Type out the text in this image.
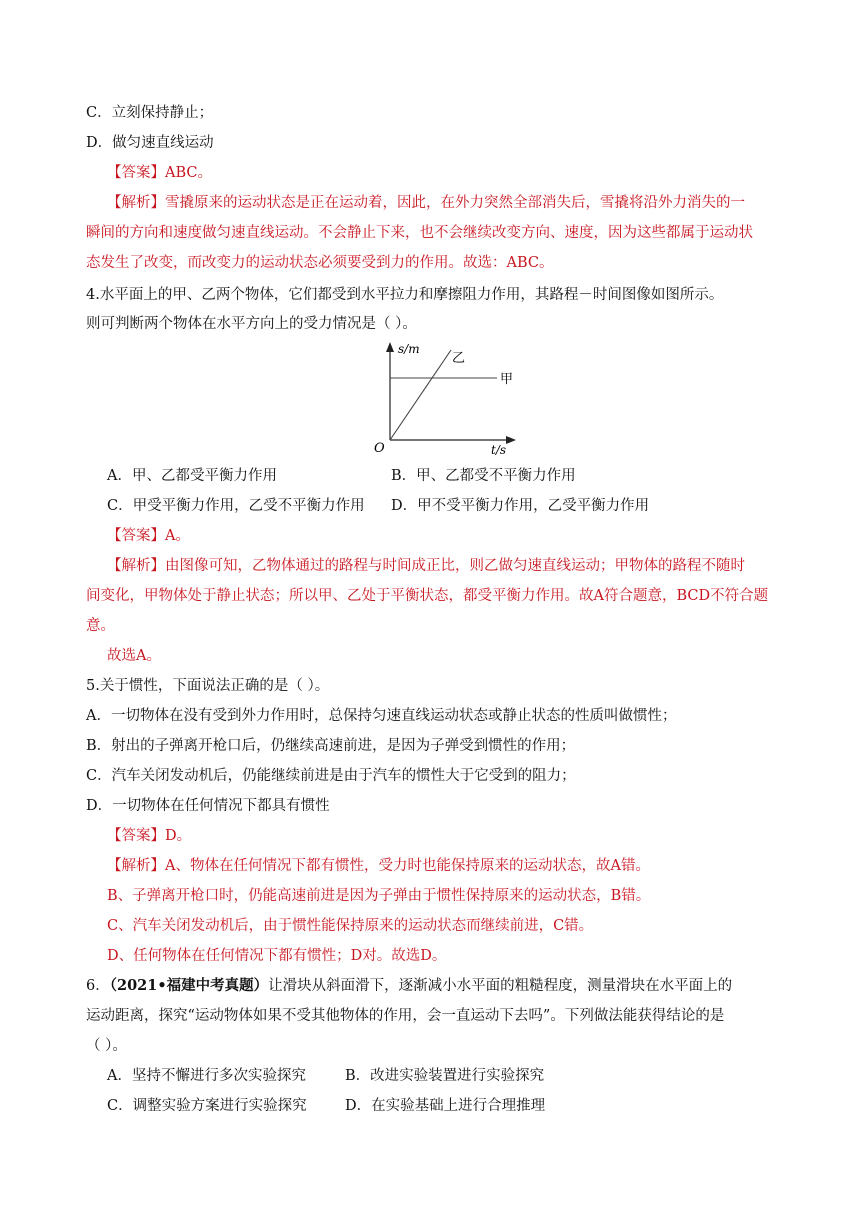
C．立刻保持静止；
D．做匀速直线运动
【答案】ABC。
【解析】雪撬原来的运动状态是正在运动着，因此，在外力突然全部消失后，雪撬将沿外力消失的一
瞬间的方向和速度做匀速直线运动。不会静止下来，也不会继续改变方向、速度，因为这些都属于运动状
态发生了改变，而改变力的运动状态必须要受到力的作用。故选：ABC。
4.水平面上的甲、乙两个物体，它们都受到水平拉力和摩擦阻力作用，其路程－时间图像如图所示。
则可判断两个物体在水平方向上的受力情况是（ ）。
s/m
t/s
O
甲
乙
A．甲、乙都受平衡力作用	B．甲、乙都受不平衡力作用
C．甲受平衡力作用，乙受不平衡力作用 D．甲不受平衡力作用，乙受平衡力作用
【答案】A。
【解析】由图像可知，乙物体通过的路程与时间成正比，则乙做匀速直线运动；甲物体的路程不随时
间变化，甲物体处于静止状态；所以甲、乙处于平衡状态，都受平衡力作用。故A符合题意，BCD不符合题
意。
故选A。
5.关于惯性，下面说法正确的是（ ）。
A．一切物体在没有受到外力作用时，总保持匀速直线运动状态或静止状态的性质叫做惯性；
B．射出的子弹离开枪口后，仍继续高速前进，是因为子弹受到惯性的作用；
C．汽车关闭发动机后，仍能继续前进是由于汽车的惯性大于它受到的阻力；
D．一切物体在任何情况下都具有惯性
【答案】D。
【解析】A、物体在任何情况下都有惯性，受力时也能保持原来的运动状态，故A错。
B、子弹离开枪口时，仍能高速前进是因为子弹由于惯性保持原来的运动状态，B错。
C、汽车关闭发动机后，由于惯性能保持原来的运动状态而继续前进，C错。
D、任何物体在任何情况下都有惯性；D对。故选D。
6．（2021•福建中考真题）让滑块从斜面滑下，逐渐减小水平面的粗糙程度，测量滑块在水平面上的
运动距离，探究“运动物体如果不受其他物体的作用，会一直运动下去吗”。下列做法能获得结论的是
（ ）。
A．坚持不懈进行多次实验探究	B．改进实验装置进行实验探究
C．调整实验方案进行实验探究	D．在实验基础上进行合理推理
